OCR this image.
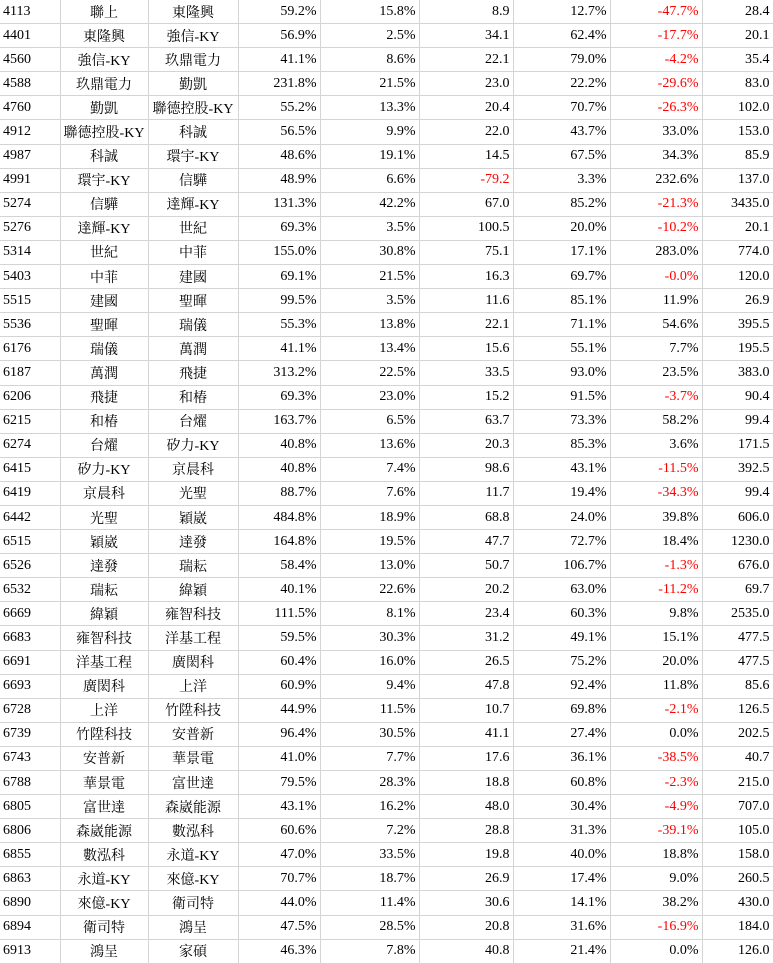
4113	聯上	東隆興	59.2%	15.8%	8.9	12.7%	-47.7%	28.4
4401	東隆興	強信-KY	56.9%	2.5%	34.1	62.4%	-17.7%	20.1
4560	強信-KY	玖鼎電力	41.1%	8.6%	22.1	79.0%	-4.2%	35.4
4588	玖鼎電力	勤凱	231.8%	21.5%	23.0	22.2%	-29.6%	83.0
4760	勤凱	聯德控股-KY	55.2%	13.3%	20.4	70.7%	-26.3%	102.0
4912	聯德控股-KY	科誠	56.5%	9.9%	22.0	43.7%	33.0%	153.0
4987	科誠	環宇-KY	48.6%	19.1%	14.5	67.5%	34.3%	85.9
4991	環宇-KY	信驊	48.9%	6.6%	-79.2	3.3%	232.6%	137.0
5274	信驊	達輝-KY	131.3%	42.2%	67.0	85.2%	-21.3%	3435.0
5276	達輝-KY	世紀	69.3%	3.5%	100.5	20.0%	-10.2%	20.1
5314	世紀	中菲	155.0%	30.8%	75.1	17.1%	283.0%	774.0
5403	中菲	建國	69.1%	21.5%	16.3	69.7%	-0.0%	120.0
5515	建國	聖暉	99.5%	3.5%	11.6	85.1%	11.9%	26.9
5536	聖暉	瑞儀	55.3%	13.8%	22.1	71.1%	54.6%	395.5
6176	瑞儀	萬潤	41.1%	13.4%	15.6	55.1%	7.7%	195.5
6187	萬潤	飛捷	313.2%	22.5%	33.5	93.0%	23.5%	383.0
6206	飛捷	和椿	69.3%	23.0%	15.2	91.5%	-3.7%	90.4
6215	和椿	台燿	163.7%	6.5%	63.7	73.3%	58.2%	99.4
6274	台燿	矽力-KY	40.8%	13.6%	20.3	85.3%	3.6%	171.5
6415	矽力-KY	京晨科	40.8%	7.4%	98.6	43.1%	-11.5%	392.5
6419	京晨科	光聖	88.7%	7.6%	11.7	19.4%	-34.3%	99.4
6442	光聖	穎崴	484.8%	18.9%	68.8	24.0%	39.8%	606.0
6515	穎崴	達發	164.8%	19.5%	47.7	72.7%	18.4%	1230.0
6526	達發	瑞耘	58.4%	13.0%	50.7	106.7%	-1.3%	676.0
6532	瑞耘	緯穎	40.1%	22.6%	20.2	63.0%	-11.2%	69.7
6669	緯穎	雍智科技	111.5%	8.1%	23.4	60.3%	9.8%	2535.0
6683	雍智科技	洋基工程	59.5%	30.3%	31.2	49.1%	15.1%	477.5
6691	洋基工程	廣閎科	60.4%	16.0%	26.5	75.2%	20.0%	477.5
6693	廣閎科	上洋	60.9%	9.4%	47.8	92.4%	11.8%	85.6
6728	上洋	竹陞科技	44.9%	11.5%	10.7	69.8%	-2.1%	126.5
6739	竹陞科技	安普新	96.4%	30.5%	41.1	27.4%	0.0%	202.5
6743	安普新	華景電	41.0%	7.7%	17.6	36.1%	-38.5%	40.7
6788	華景電	富世達	79.5%	28.3%	18.8	60.8%	-2.3%	215.0
6805	富世達	森崴能源	43.1%	16.2%	48.0	30.4%	-4.9%	707.0
6806	森崴能源	數泓科	60.6%	7.2%	28.8	31.3%	-39.1%	105.0
6855	數泓科	永道-KY	47.0%	33.5%	19.8	40.0%	18.8%	158.0
6863	永道-KY	來億-KY	70.7%	18.7%	26.9	17.4%	9.0%	260.5
6890	來億-KY	衛司特	44.0%	11.4%	30.6	14.1%	38.2%	430.0
6894	衛司特	鴻呈	47.5%	28.5%	20.8	31.6%	-16.9%	184.0
6913	鴻呈	家碩	46.3%	7.8%	40.8	21.4%	0.0%	126.0
